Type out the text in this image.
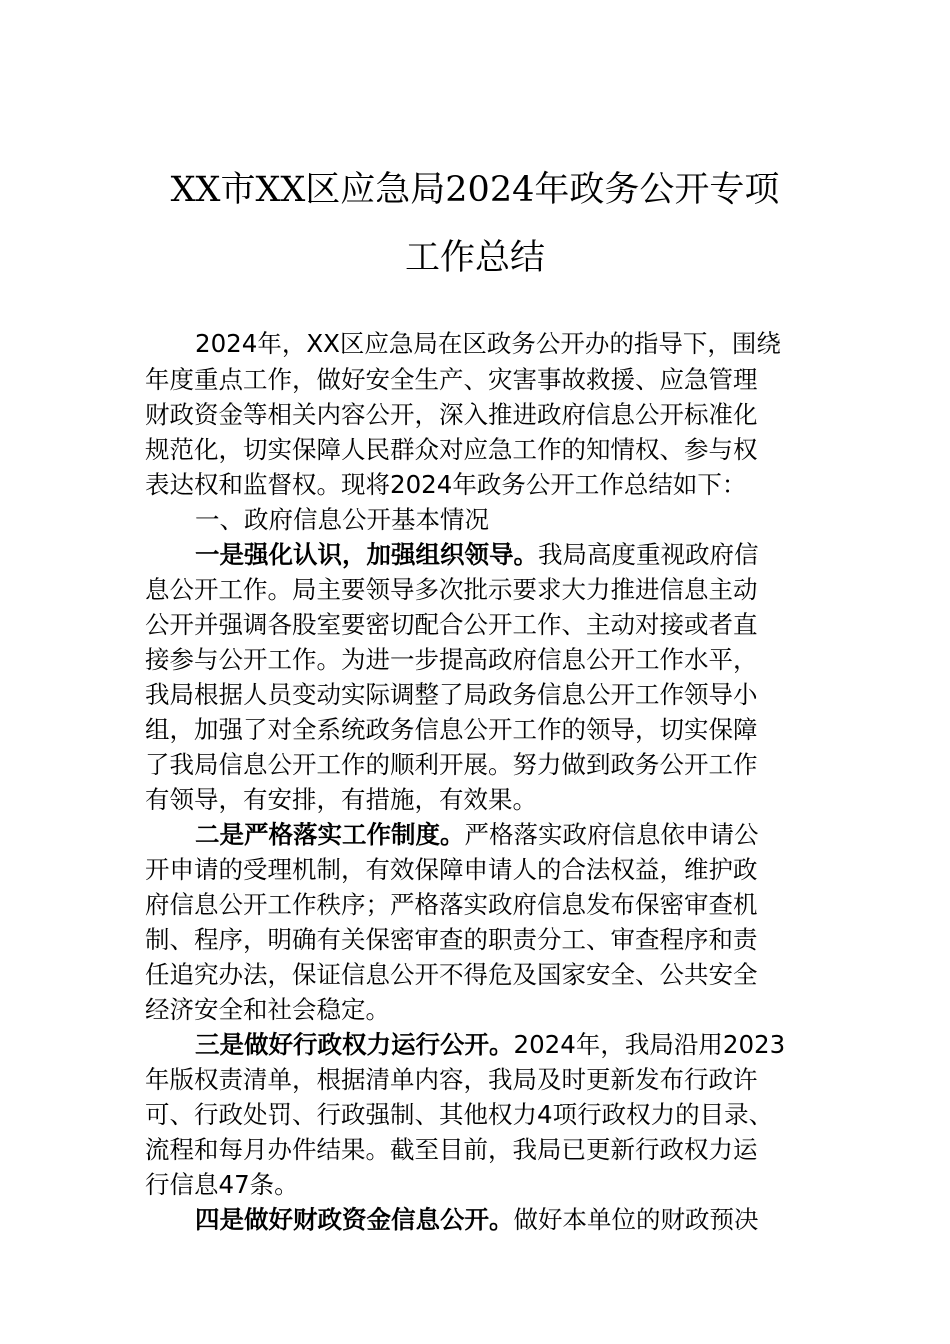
XX市XX区应急局2024年政务公开专项
工作总结
2024年，XX区应急局在区政务公开办的指导下，围绕
年度重点工作，做好安全生产、灾害事故救援、应急管理
财政资金等相关内容公开，深入推进政府信息公开标准化
规范化，切实保障人民群众对应急工作的知情权、参与权
表达权和监督权。现将2024年政务公开工作总结如下：
一、政府信息公开基本情况
一是强化认识，加强组织领导。我局高度重视政府信
息公开工作。局主要领导多次批示要求大力推进信息主动
公开并强调各股室要密切配合公开工作、主动对接或者直
接参与公开工作。为进一步提高政府信息公开工作水平，
我局根据人员变动实际调整了局政务信息公开工作领导小
组，加强了对全系统政务信息公开工作的领导，切实保障
了我局信息公开工作的顺利开展。努力做到政务公开工作
有领导，有安排，有措施，有效果。
二是严格落实工作制度。严格落实政府信息依申请公
开申请的受理机制，有效保障申请人的合法权益，维护政
府信息公开工作秩序；严格落实政府信息发布保密审查机
制、程序，明确有关保密审查的职责分工、审查程序和责
任追究办法，保证信息公开不得危及国家安全、公共安全
经济安全和社会稳定。
三是做好行政权力运行公开。2024年，我局沿用2023
年版权责清单，根据清单内容，我局及时更新发布行政许
可、行政处罚、行政强制、其他权力4项行政权力的目录、
流程和每月办件结果。截至目前，我局已更新行政权力运
行信息47条。
四是做好财政资金信息公开。做好本单位的财政预决
